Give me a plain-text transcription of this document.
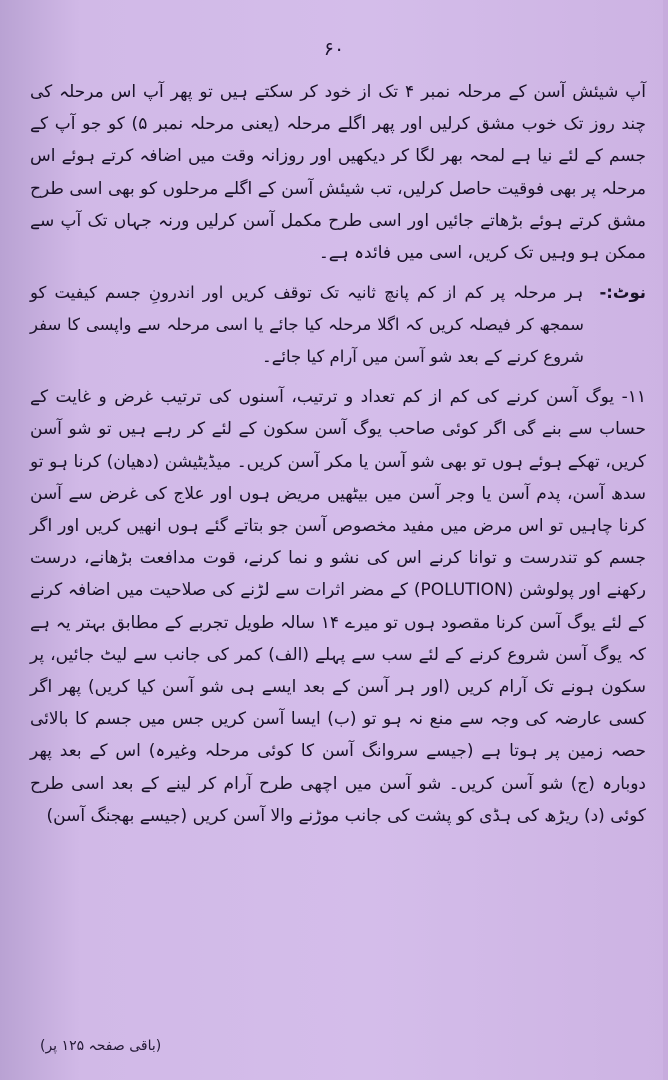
۶۰

آپ شیئش آسن کے مرحلہ نمبر ۴ تک از خود کر سکتے ہیں تو پھر آپ اس مرحلہ کی چند روز تک خوب مشق کرلیں اور پھر اگلے مرحلہ (یعنی مرحلہ نمبر ۵) کو جو آپ کے جسم کے لئے نیا ہے لمحہ بھر لگا کر دیکھیں اور روزانہ وقت میں اضافہ کرتے ہوئے اس مرحلہ پر بھی فوقیت حاصل کرلیں، تب شیئش آسن کے اگلے مرحلوں کو بھی اسی طرح مشق کرتے ہوئے بڑھاتے جائیں اور اسی طرح مکمل آسن کرلیں ورنہ جہاں تک آپ سے ممکن ہو وہیں تک کریں، اسی میں فائدہ ہے۔

نوٹ:- ہر مرحلہ پر کم از کم پانچ ثانیہ تک توقف کریں اور اندرونِ جسم کیفیت کو سمجھ کر فیصلہ کریں کہ اگلا مرحلہ کیا جائے یا اسی مرحلہ سے واپسی کا سفر شروع کرنے کے بعد شو آسن میں آرام کیا جائے۔

۱۱- یوگ آسن کرنے کی کم از کم تعداد و ترتیب، آسنوں کی ترتیب غرض و غایت کے حساب سے بنے گی اگر کوئی صاحب یوگ آسن سکون کے لئے کر رہے ہیں تو شو آسن کریں، تھکے ہوئے ہوں تو بھی شو آسن یا مکر آسن کریں۔ میڈیٹیشن (دھیان) کرنا ہو تو سدھ آسن، پدم آسن یا وجر آسن میں بیٹھیں مریض ہوں اور علاج کی غرض سے آسن کرنا چاہیں تو اس مرض میں مفید مخصوص آسن جو بتاتے گئے ہوں انھیں کریں اور اگر جسم کو تندرست و توانا کرنے اس کی نشو و نما کرنے، قوت مدافعت بڑھانے، درست رکھنے اور پولوشن (POLUTION) کے مضر اثرات سے لڑنے کی صلاحیت میں اضافہ کرنے کے لئے یوگ آسن کرنا مقصود ہوں تو میرے ۱۴ سالہ طویل تجربے کے مطابق بہتر یہ ہے کہ یوگ آسن شروع کرنے کے لئے سب سے پہلے (الف) کمر کی جانب سے لیٹ جائیں، پر سکون ہونے تک آرام کریں (اور ہر آسن کے بعد ایسے ہی شو آسن کیا کریں) پھر اگر کسی عارضہ کی وجہ سے منع نہ ہو تو (ب) ایسا آسن کریں جس میں جسم کا بالائی حصہ زمین پر ہوتا ہے (جیسے سروانگ آسن کا کوئی مرحلہ وغیرہ) اس کے بعد پھر دوبارہ (ج) شو آسن کریں۔ شو آسن میں اچھی طرح آرام کر لینے کے بعد اسی طرح کوئی (د) ریڑھ کی ہڈی کو پشت کی جانب موڑنے والا آسن کریں (جیسے بھجنگ آسن)

(باقی صفحہ ۱۲۵ پر)
